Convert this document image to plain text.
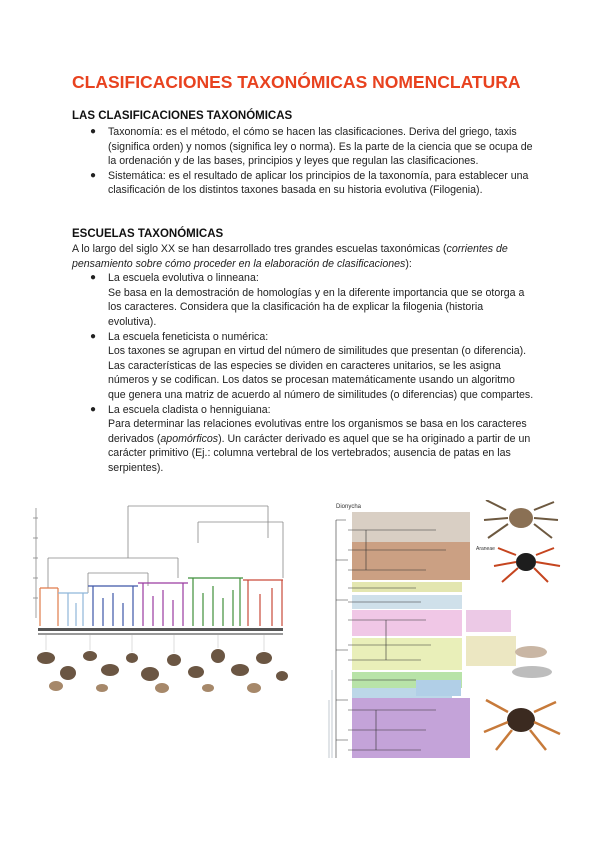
CLASIFICACIONES TAXONÓMICAS NOMENCLATURA
LAS CLASIFICACIONES TAXONÓMICAS
● Taxonomía: es el método, el cómo se hacen las clasificaciones. Deriva del griego, taxis (significa orden) y nomos (significa ley o norma). Es la parte de la ciencia que se ocupa de la ordenación y de las bases, principios y leyes que regulan las clasificaciones.
● Sistemática: es el resultado de aplicar los principios de la taxonomía, para establecer una clasificación de los distintos taxones basada en su historia evolutiva (Filogenia).
ESCUELAS TAXONÓMICAS

A lo largo del siglo XX se han desarrollado tres grandes escuelas taxonómicas (corrientes de pensamiento sobre cómo proceder en la elaboración de clasificaciones):

● La escuela evolutiva o linneana:
Se basa en la demostración de homologías y en la diferente importancia que se otorga a los caracteres. Considera que la clasificación ha de explicar la filogenia (historia evolutiva).
● La escuela feneticista o numérica:
Los taxones se agrupan en virtud del número de similitudes que presentan (o diferencia). Las características de las especies se dividen en caracteres unitarios, se les asigna números y se codifican. Los datos se procesan matemáticamente usando un algoritmo que genera una matriz de acuerdo al número de similitudes (o diferencias) que compartes.
● La escuela cladista o henniguiana:
Para determinar las relaciones evolutivas entre los organismos se basa en los caracteres derivados (apomórficos). Un carácter derivado es aquel que se ha originado a partir de un carácter primitivo (Ej.: columna vertebral de los vertebrados; ausencia de patas en las serpientes).
Dionycha
Araneae
